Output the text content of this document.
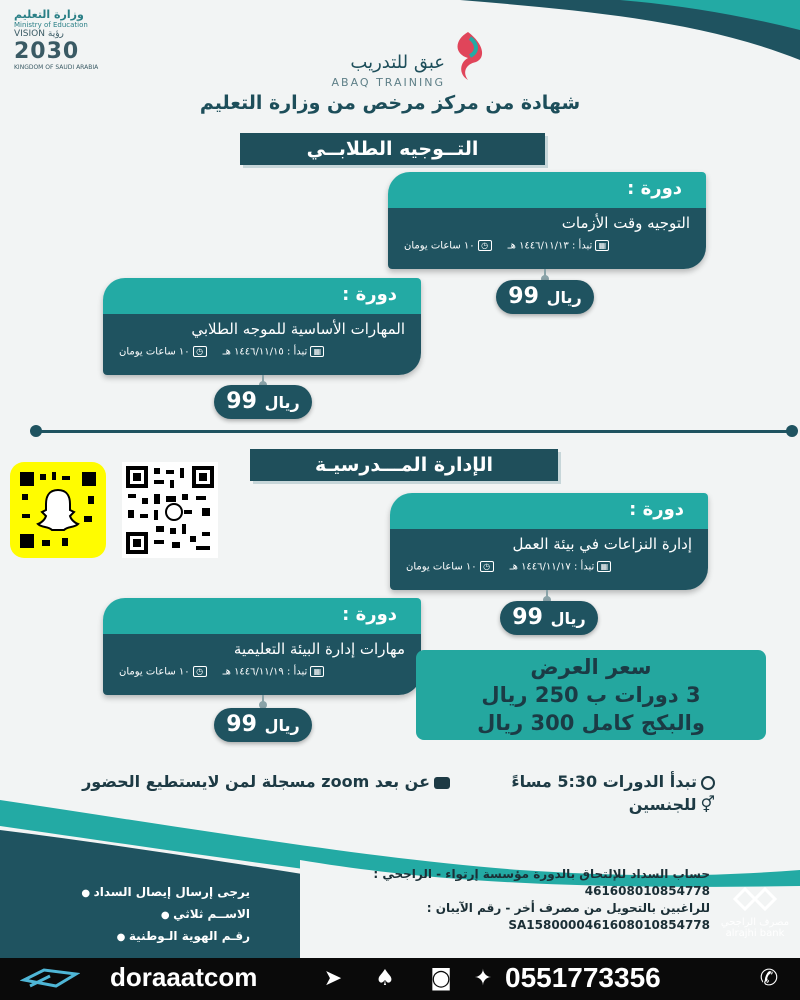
وزارة التعليم
Ministry of Education
VISION رؤية
2030
KINGDOM OF SAUDI ARABIA	عبق للتدريب
ABAQ TRAINING
شهادة من مركز مرخص من وزارة التعليم
التــوجيه الطلابــي
دورة :
التوجيه وقت الأزمات
▦تبدأ : ١٤٤٦/١١/١٣ هـ
◷١٠ ساعات يومان
99 ريال
دورة :
المهارات الأساسية للموجه الطلابي
▦تبدأ : ١٤٤٦/١١/١٥ هـ
◷١٠ ساعات يومان
99 ريال
الإدارة المـــدرسيـة
دورة :
إدارة النزاعات في بيئة العمل
▦تبدأ : ١٤٤٦/١١/١٧ هـ
◷١٠ ساعات يومان
99 ريال
دورة :
مهارات إدارة البيئة التعليمية
▦تبدأ : ١٤٤٦/١١/١٩ هـ
◷١٠ ساعات يومان
99 ريال
سعر العرض
3 دورات ب 250 ريال
والبكج كامل 300 ريال
عن بعد zoom مسجلة لمن لايستطيع الحضور	تبدأ الدورات 5:30 مساءً
⚥للجنسين
حساب السداد للإلتحاق بالدورة مؤسسة إرتواء - الراجحي :
461608010854778
للراغبين بالتحويل من مصرف أخر - رقم الآيبان :
SA1580000461608010854778	مصرف الراجحي
alrajhi bank
يرجى إرسال إيصال السداد ●
الاســم ثلاثي ●
رقـم الهوية الـوطنية ●
doraaatcom	➤ ♠ ◙ ✦ 0551773356	✆
